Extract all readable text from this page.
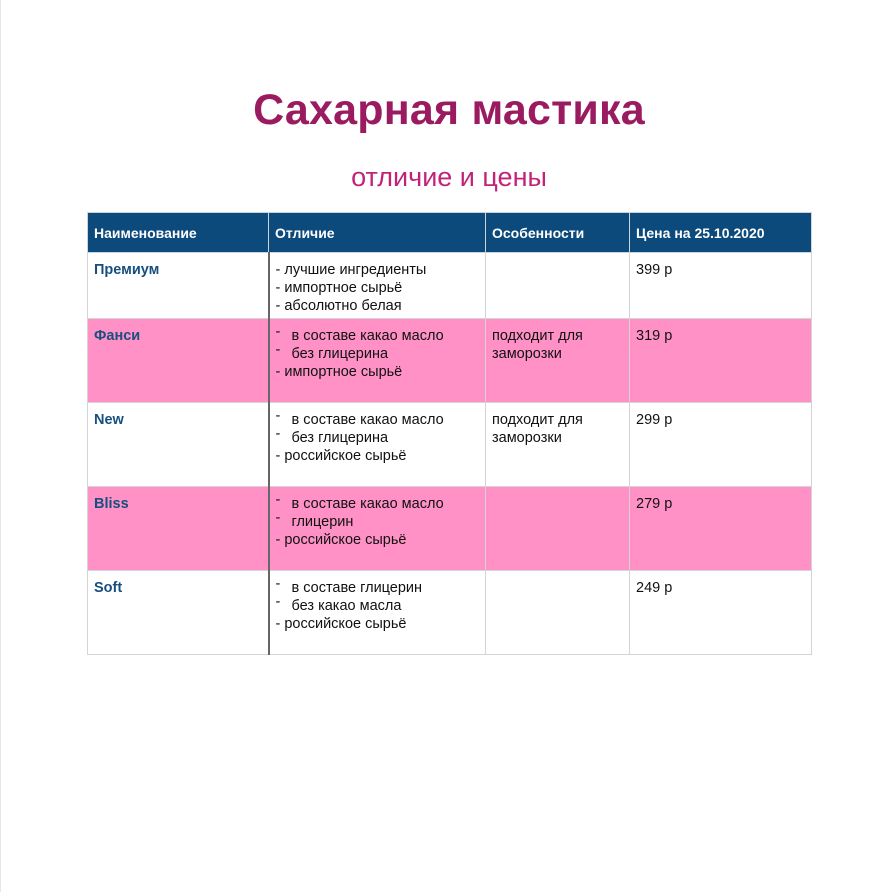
Сахарная мастика
отличие и цены
Наименование	Отличие	Особенности	Цена на 25.10.2020
Премиум	- лучшие ингредиенты
- импортное сырьё
- абсолютно белая		399 р
Фанси	- в составе какао масло
- без глицерина
- импортное сырьё	подходит для
заморозки	319 р
New	- в составе какао масло
- без глицерина
- российское сырьё	подходит для
заморозки	299 р
Bliss	- в составе какао масло
- глицерин
- российское сырьё		279 р
Soft	- в составе глицерин
- без какао масла
- российское сырьё		249 р
